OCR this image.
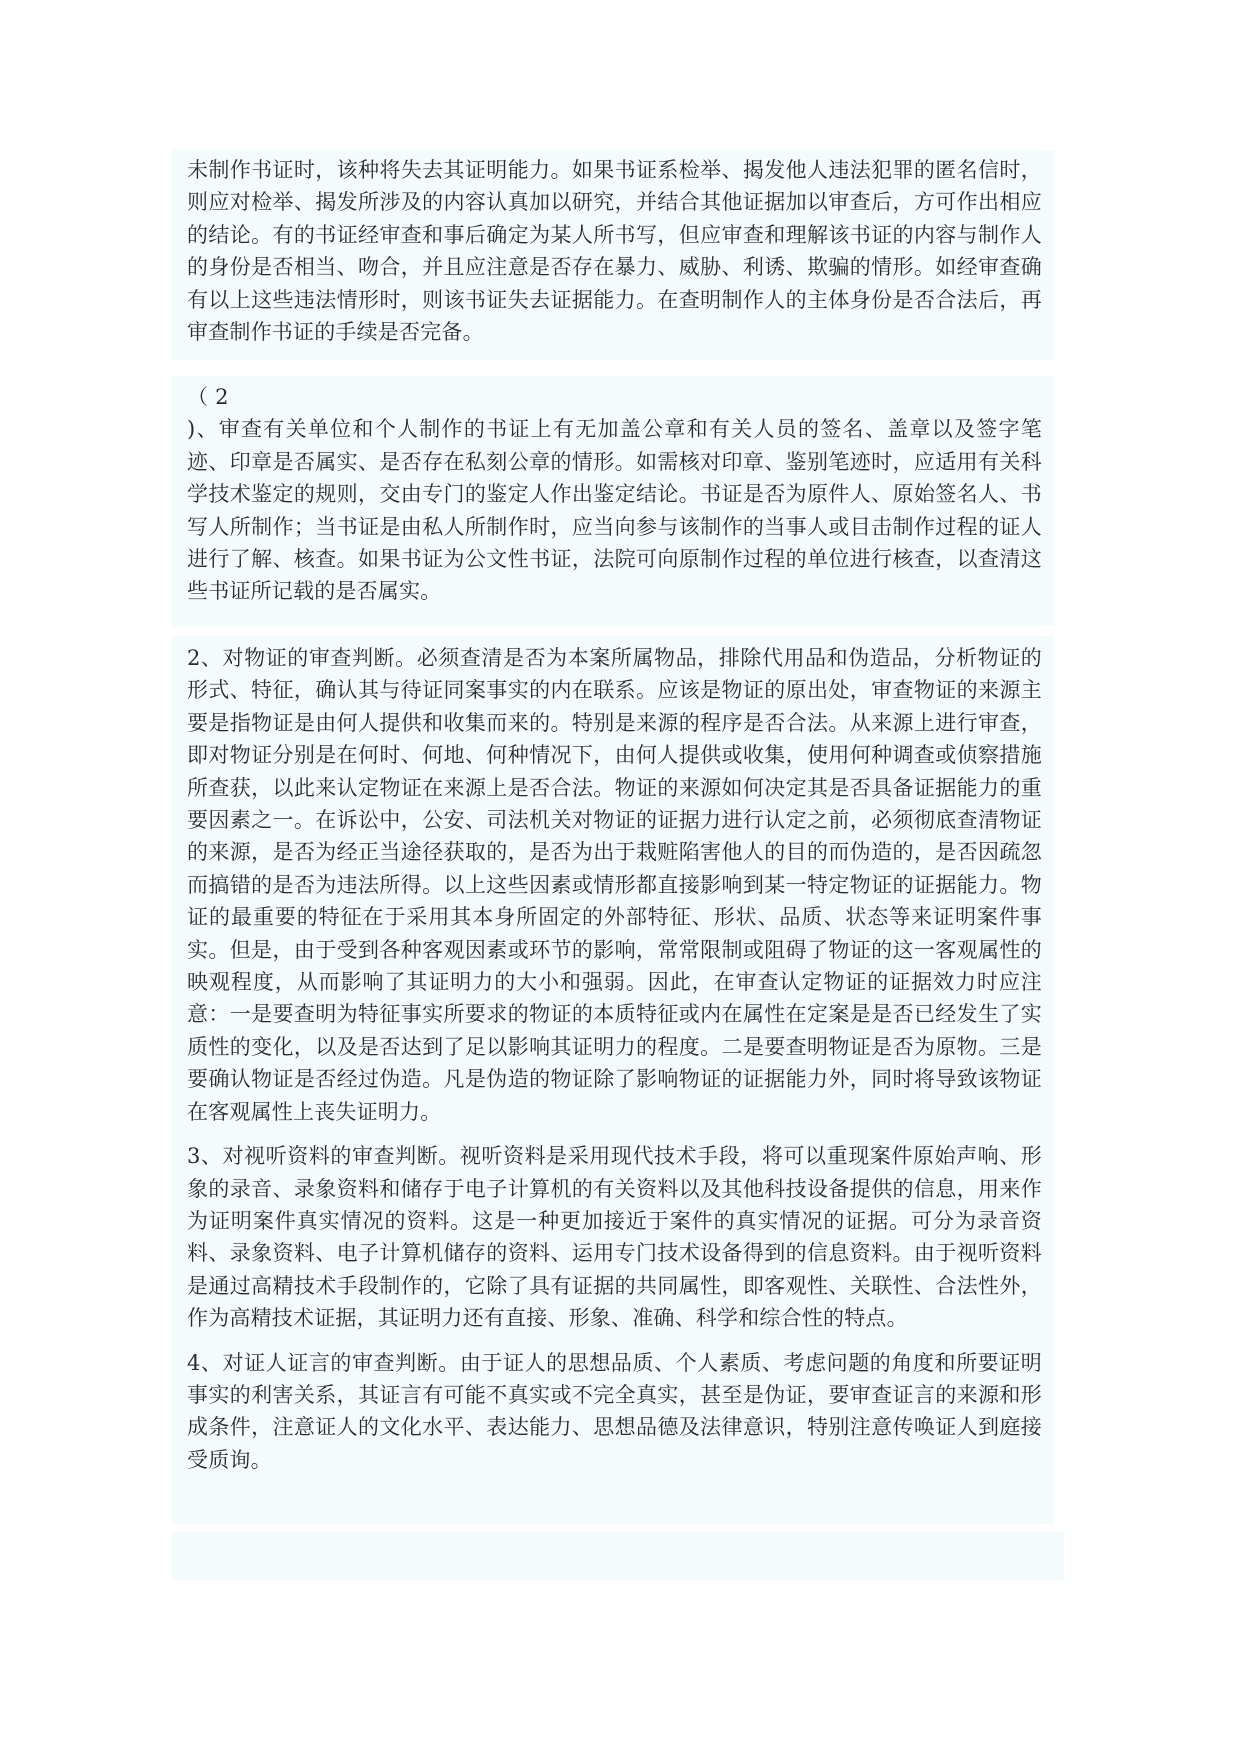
未制作书证时，该种将失去其证明能力。如果书证系检举、揭发他人违法犯罪的匿名信时，则应对检举、揭发所涉及的内容认真加以研究，并结合其他证据加以审查后，方可作出相应的结论。有的书证经审查和事后确定为某人所书写，但应审查和理解该书证的内容与制作人的身份是否相当、吻合，并且应注意是否存在暴力、威胁、利诱、欺骗的情形。如经审查确有以上这些违法情形时，则该书证失去证据能力。在查明制作人的主体身份是否合法后，再审查制作书证的手续是否完备。

（ 2

)、审查有关单位和个人制作的书证上有无加盖公章和有关人员的签名、盖章以及签字笔迹、印章是否属实、是否存在私刻公章的情形。如需核对印章、鉴别笔迹时，应适用有关科学技术鉴定的规则，交由专门的鉴定人作出鉴定结论。书证是否为原件人、原始签名人、书写人所制作；当书证是由私人所制作时，应当向参与该制作的当事人或目击制作过程的证人进行了解、核查。如果书证为公文性书证，法院可向原制作过程的单位进行核查，以查清这些书证所记载的是否属实。

2、对物证的审查判断。必须查清是否为本案所属物品，排除代用品和伪造品，分析物证的形式、特征，确认其与待证同案事实的内在联系。应该是物证的原出处，审查物证的来源主要是指物证是由何人提供和收集而来的。特别是来源的程序是否合法。从来源上进行审查，即对物证分别是在何时、何地、何种情况下，由何人提供或收集，使用何种调查或侦察措施所查获，以此来认定物证在来源上是否合法。物证的来源如何决定其是否具备证据能力的重要因素之一。在诉讼中，公安、司法机关对物证的证据力进行认定之前，必须彻底查清物证的来源，是否为经正当途径获取的，是否为出于栽赃陷害他人的目的而伪造的，是否因疏忽而搞错的是否为违法所得。以上这些因素或情形都直接影响到某一特定物证的证据能力。物证的最重要的特征在于采用其本身所固定的外部特征、形状、品质、状态等来证明案件事实。但是，由于受到各种客观因素或环节的影响，常常限制或阻碍了物证的这一客观属性的映观程度，从而影响了其证明力的大小和强弱。因此，在审查认定物证的证据效力时应注意：一是要查明为特征事实所要求的物证的本质特征或内在属性在定案是是否已经发生了实质性的变化，以及是否达到了足以影响其证明力的程度。二是要查明物证是否为原物。三是要确认物证是否经过伪造。凡是伪造的物证除了影响物证的证据能力外，同时将导致该物证在客观属性上丧失证明力。

3、对视听资料的审查判断。视听资料是采用现代技术手段，将可以重现案件原始声响、形象的录音、录象资料和储存于电子计算机的有关资料以及其他科技设备提供的信息，用来作为证明案件真实情况的资料。这是一种更加接近于案件的真实情况的证据。可分为录音资料、录象资料、电子计算机储存的资料、运用专门技术设备得到的信息资料。由于视听资料是通过高精技术手段制作的，它除了具有证据的共同属性，即客观性、关联性、合法性外，作为高精技术证据，其证明力还有直接、形象、准确、科学和综合性的特点。

4、对证人证言的审查判断。由于证人的思想品质、个人素质、考虑问题的角度和所要证明事实的利害关系，其证言有可能不真实或不完全真实，甚至是伪证，要审查证言的来源和形成条件，注意证人的文化水平、表达能力、思想品德及法律意识，特别注意传唤证人到庭接受质询。
